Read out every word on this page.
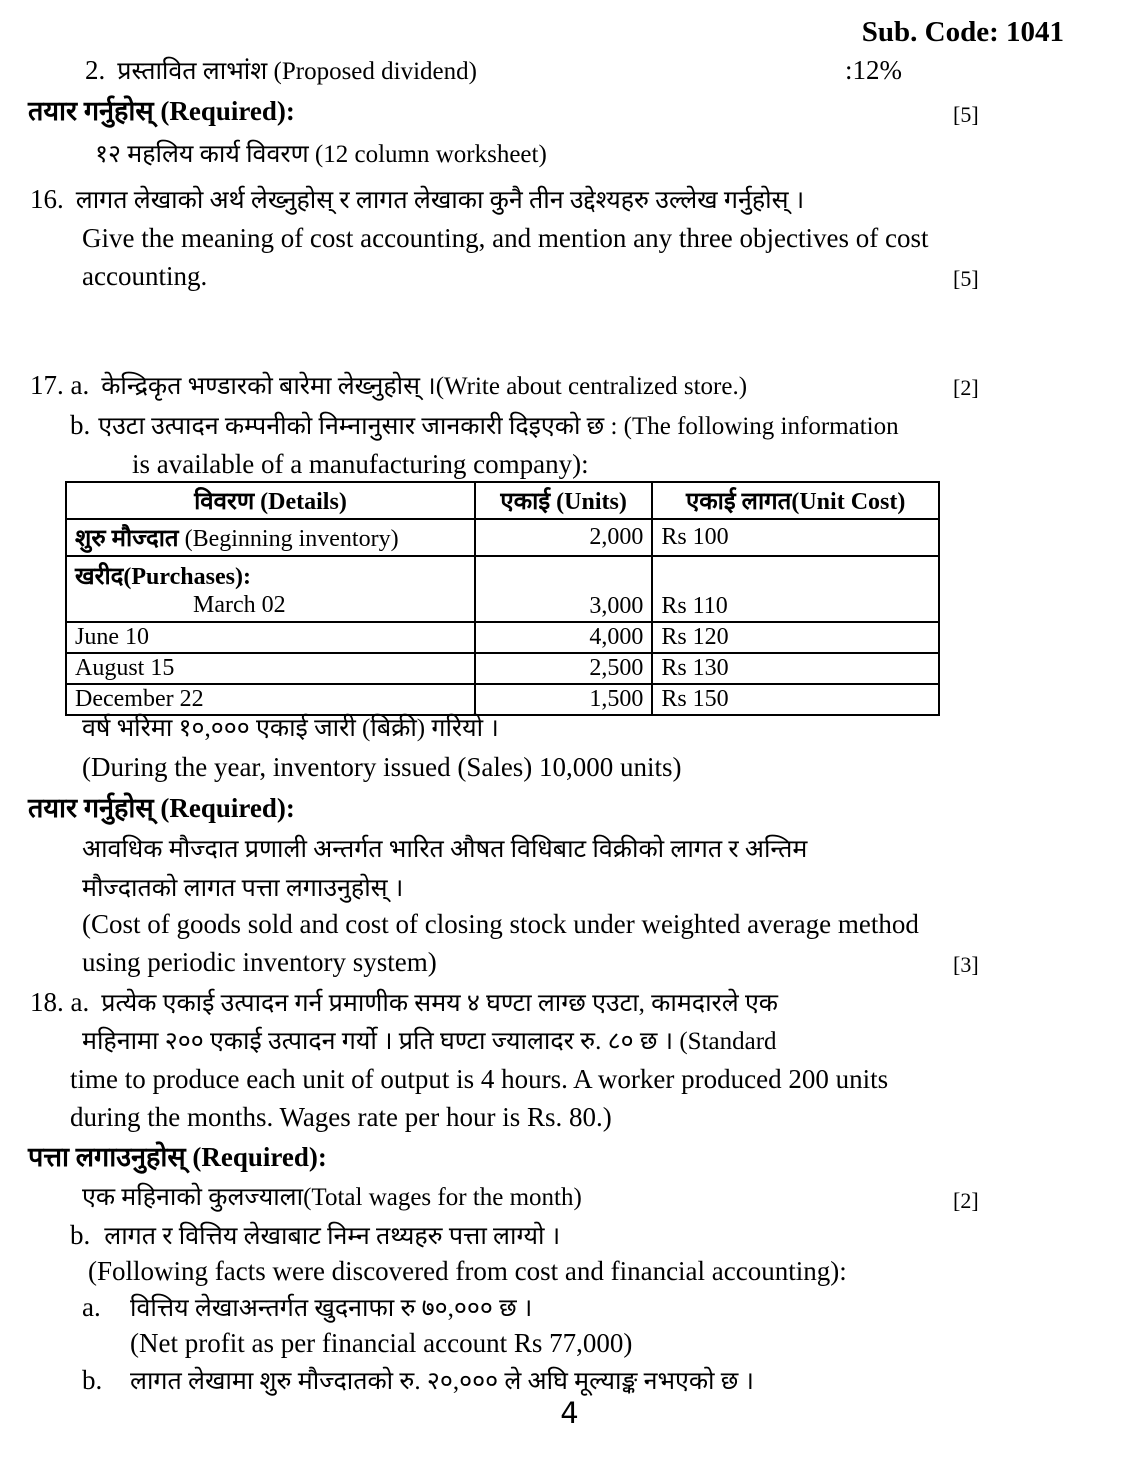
Sub. Code: 1041
2. प्रस्तावित लाभांश (Proposed dividend)	:12%
तयार गर्नुहोस् (Required):	[5]
१२ महलिय कार्य विवरण (12 column worksheet)
16. लागत लेखाको अर्थ लेख्नुहोस् र लागत लेखाका कुनै तीन उद्देश्यहरु उल्लेख गर्नुहोस् ।
Give the meaning of cost accounting, and mention any three objectives of cost
accounting.	[5]
17. a. केन्द्रिकृत भण्डारको बारेमा लेख्नुहोस् ।(Write about centralized store.)	[2]
b. एउटा उत्पादन कम्पनीको निम्नानुसार जानकारी दिइएको छ : (The following information
is available of a manufacturing company):
विवरण (Details)	एकाई (Units)	एकाई लागत(Unit Cost)
शुरु मौज्दात (Beginning inventory)	2,000	Rs 100

खरीद(Purchases):
March 02	3,000	Rs 110
June 10	4,000	Rs 120
August 15	2,500	Rs 130
December 22	1,500	Rs 150
वर्ष भरिमा १०,००० एकाई जारी (बिक्री) गरियो ।
(During the year, inventory issued (Sales) 10,000 units)
तयार गर्नुहोस् (Required):
आवधिक मौज्दात प्रणाली अन्तर्गत भारित औषत विधिबाट विक्रीको लागत र अन्तिम
मौज्दातको लागत पत्ता लगाउनुहोस् ।
(Cost of goods sold and cost of closing stock under weighted average method
using periodic inventory system)	[3]
18. a. प्रत्येक एकाई उत्पादन गर्न प्रमाणीक समय ४ घण्टा लाग्छ एउटा, कामदारले एक
महिनामा २०० एकाई उत्पादन गर्यो । प्रति घण्टा ज्यालादर रु. ८० छ । (Standard
time to produce each unit of output is 4 hours. A worker produced 200 units
during the months. Wages rate per hour is Rs. 80.)
पत्ता लगाउनुहोस् (Required):
एक महिनाको कुलज्याला(Total wages for the month)	[2]
b. लागत र वित्तिय लेखाबाट निम्न तथ्यहरु पत्ता लाग्यो ।
(Following facts were discovered from cost and financial accounting):
a. वित्तिय लेखाअन्तर्गत खुदनाफा रु ७०,००० छ ।
(Net profit as per financial account Rs 77,000)
b. लागत लेखामा शुरु मौज्दातको रु. २०,००० ले अघि मूल्याङ्क नभएको छ ।
4
